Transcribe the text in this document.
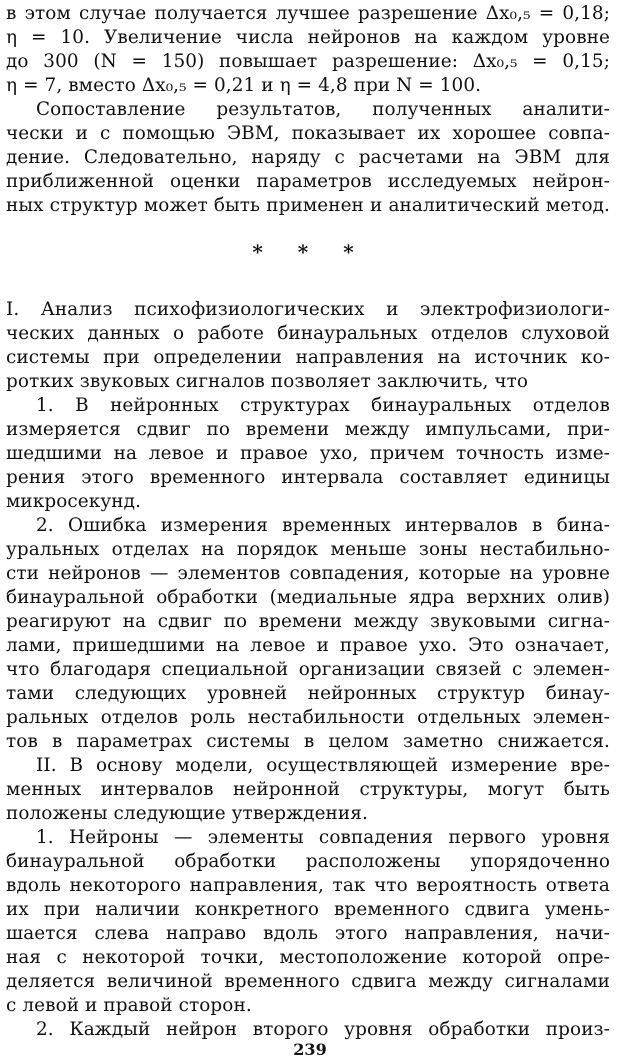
в этом случае получается лучшее разрешение Δx₀,₅ = 0,18;
η = 10. Увеличение числа нейронов на каждом уровне
до 300 (N = 150) повышает разрешение: Δx₀,₅ = 0,15;
η = 7, вместо Δx₀,₅ = 0,21 и η = 4,8 при N = 100.
Сопоставление результатов, полученных аналити-
чески и с помощью ЭВМ, показывает их хорошее совпа-
дение. Следовательно, наряду с расчетами на ЭВМ для
приближенной оценки параметров исследуемых нейрон-
ных структур может быть применен и аналитический метод.
* * *
I. Анализ психофизиологических и электрофизиологи-
ческих данных о работе бинауральных отделов слуховой
системы при определении направления на источник ко-
ротких звуковых сигналов позволяет заключить, что
1. В нейронных структурах бинауральных отделов
измеряется сдвиг по времени между импульсами, при-
шедшими на левое и правое ухо, причем точность изме-
рения этого временного интервала составляет единицы
микросекунд.
2. Ошибка измерения временных интервалов в бина-
уральных отделах на порядок меньше зоны нестабильно-
сти нейронов — элементов совпадения, которые на уровне
бинауральной обработки (медиальные ядра верхних олив)
реагируют на сдвиг по времени между звуковыми сигна-
лами, пришедшими на левое и правое ухо. Это означает,
что благодаря специальной организации связей с элемен-
тами следующих уровней нейронных структур бинау-
ральных отделов роль нестабильности отдельных элемен-
тов в параметрах системы в целом заметно снижается.
II. В основу модели, осуществляющей измерение вре-
менных интервалов нейронной структуры, могут быть
положены следующие утверждения.
1. Нейроны — элементы совпадения первого уровня
бинауральной обработки расположены упорядоченно
вдоль некоторого направления, так что вероятность ответа
их при наличии конкретного временного сдвига умень-
шается слева направо вдоль этого направления, начи-
ная с некоторой точки, местоположение которой опре-
деляется величиной временного сдвига между сигналами
с левой и правой сторон.
2. Каждый нейрон второго уровня обработки произ-
239
